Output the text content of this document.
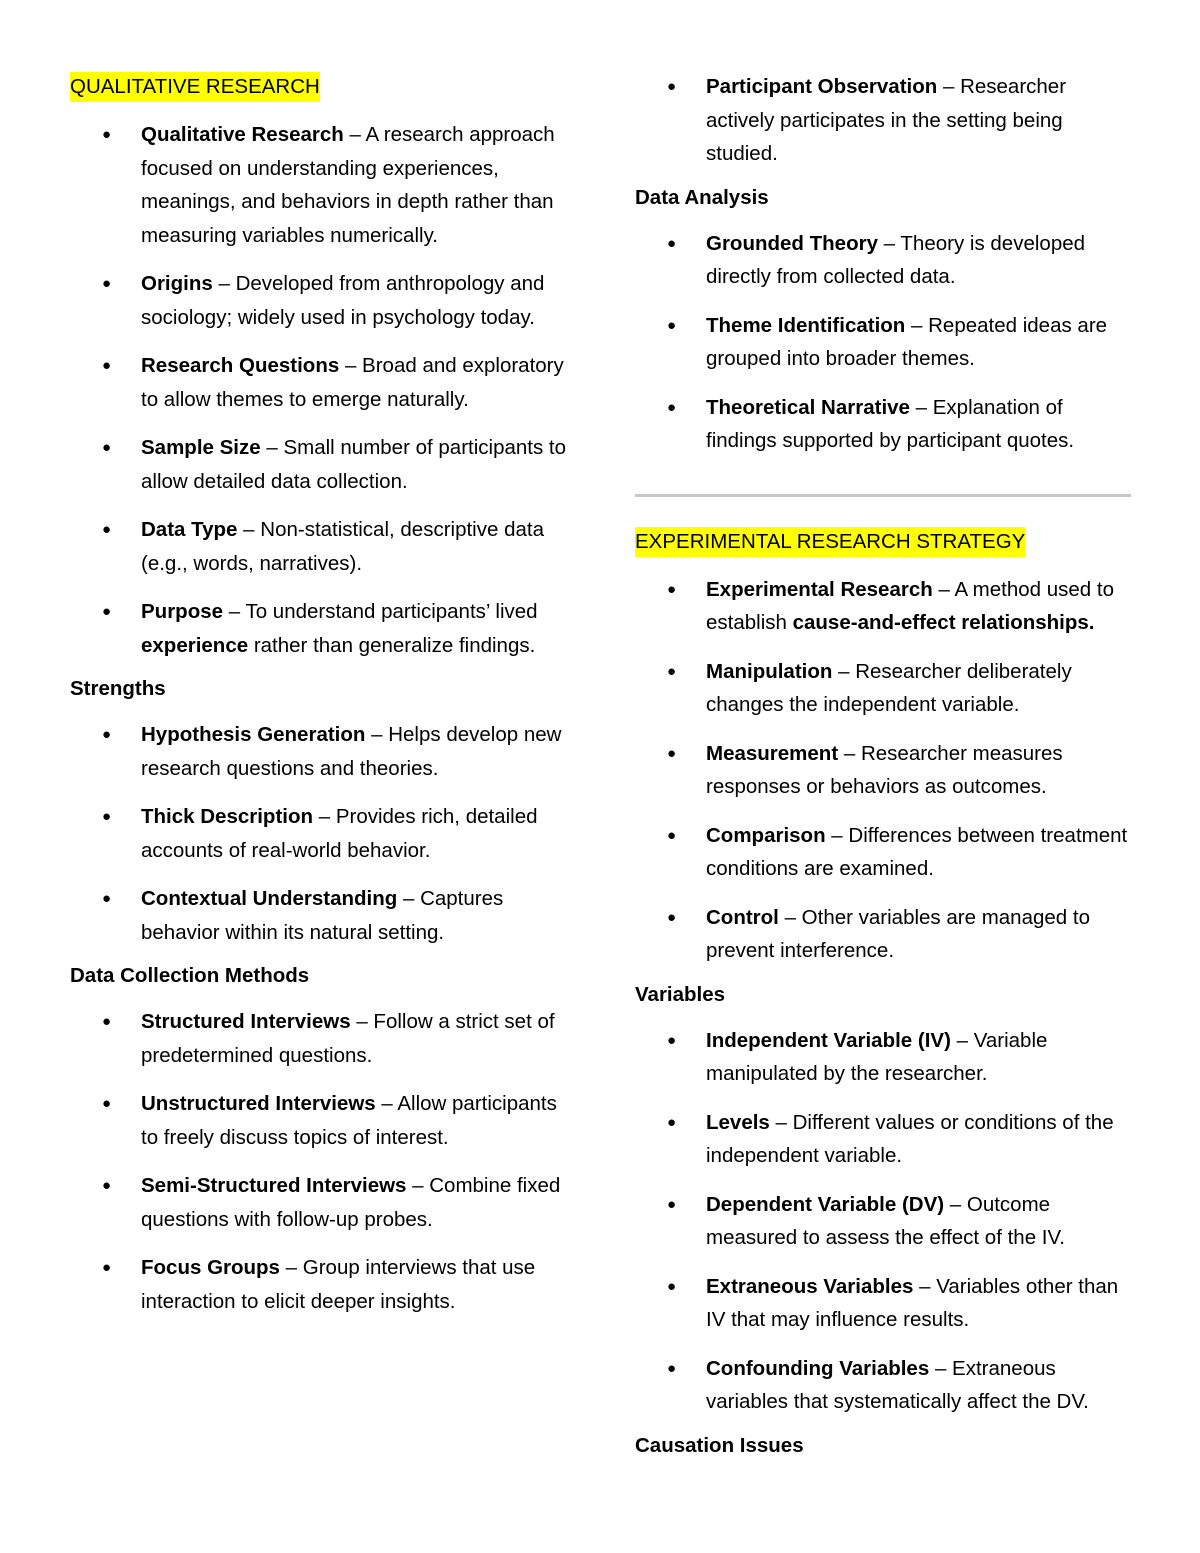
QUALITATIVE RESEARCH
● Qualitative Research – A research approach focused on understanding experiences, meanings, and behaviors in depth rather than measuring variables numerically.
● Origins – Developed from anthropology and sociology; widely used in psychology today.
● Research Questions – Broad and exploratory to allow themes to emerge naturally.
● Sample Size – Small number of participants to allow detailed data collection.
● Data Type – Non-statistical, descriptive data (e.g., words, narratives).
● Purpose – To understand participants’ lived experience rather than generalize findings.
Strengths
● Hypothesis Generation – Helps develop new research questions and theories.
● Thick Description – Provides rich, detailed accounts of real-world behavior.
● Contextual Understanding – Captures behavior within its natural setting.
Data Collection Methods
● Structured Interviews – Follow a strict set of predetermined questions.
● Unstructured Interviews – Allow participants to freely discuss topics of interest.
● Semi-Structured Interviews – Combine fixed questions with follow-up probes.
● Focus Groups – Group interviews that use interaction to elicit deeper insights.
● Participant Observation – Researcher actively participates in the setting being studied.
Data Analysis
● Grounded Theory – Theory is developed directly from collected data.
● Theme Identification – Repeated ideas are grouped into broader themes.
● Theoretical Narrative – Explanation of findings supported by participant quotes.
EXPERIMENTAL RESEARCH STRATEGY
● Experimental Research – A method used to establish cause-and-effect relationships.
● Manipulation – Researcher deliberately changes the independent variable.
● Measurement – Researcher measures responses or behaviors as outcomes.
● Comparison – Differences between treatment conditions are examined.
● Control – Other variables are managed to prevent interference.
Variables
● Independent Variable (IV) – Variable manipulated by the researcher.
● Levels – Different values or conditions of the independent variable.
● Dependent Variable (DV) – Outcome measured to assess the effect of the IV.
● Extraneous Variables – Variables other than IV that may influence results.
● Confounding Variables – Extraneous variables that systematically affect the DV.
Causation Issues
